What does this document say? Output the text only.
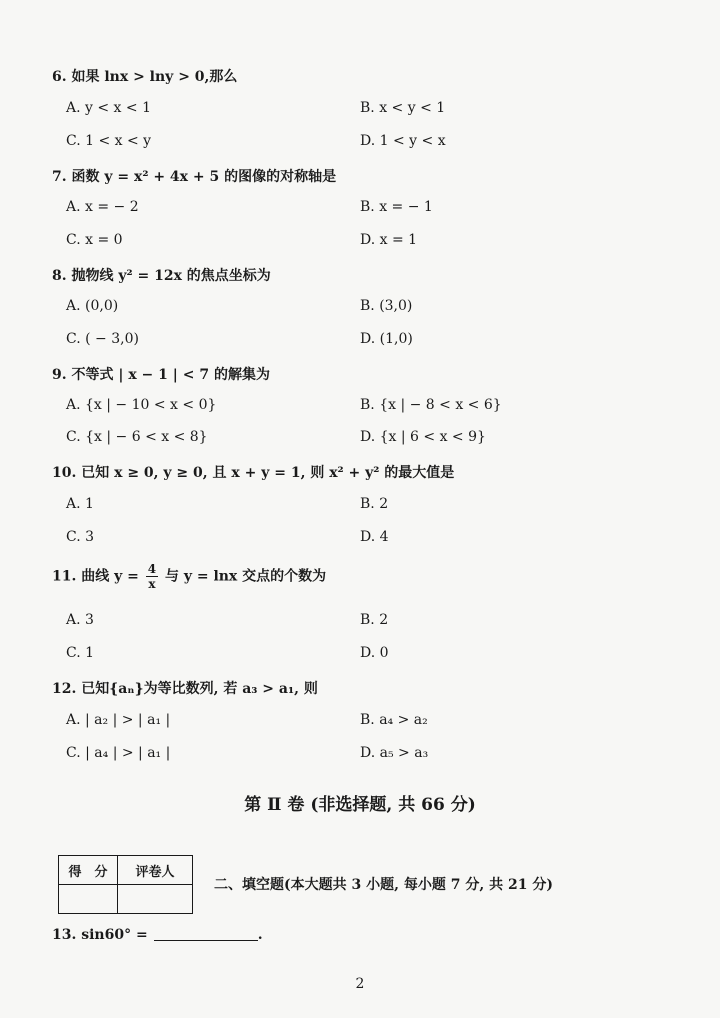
6. 如果 lnx > lny > 0,那么
A. y < x < 1	B. x < y < 1
C. 1 < x < y	D. 1 < y < x
7. 函数 y = x² + 4x + 5 的图像的对称轴是
A. x = − 2	B. x = − 1
C. x = 0	D. x = 1
8. 抛物线 y² = 12x 的焦点坐标为
A. (0,0)	B. (3,0)
C. ( − 3,0)	D. (1,0)
9. 不等式 | x − 1 | < 7 的解集为
A. {x | − 10 < x < 0}	B. {x | − 8 < x < 6}
C. {x | − 6 < x < 8}	D. {x | 6 < x < 9}
10. 已知 x ≥ 0, y ≥ 0, 且 x + y = 1, 则 x² + y² 的最大值是
A. 1	B. 2
C. 3	D. 4
11. 曲线 $y = \frac{4}{x}$ 与 y = lnx 交点的个数为
A. 3	B. 2
C. 1	D. 0
12. 已知{aₙ}为等比数列, 若 a₃ > a₁, 则
A. | a₂ | > | a₁ |	B. a₄ > a₂
C. | a₄ | > | a₁ |	D. a₅ > a₃
第 Ⅱ 卷 (非选择题, 共 66 分)
得　分	评卷人

二、填空题(本大题共 3 小题, 每小题 7 分, 共 21 分)
13. sin60° =	.
2
